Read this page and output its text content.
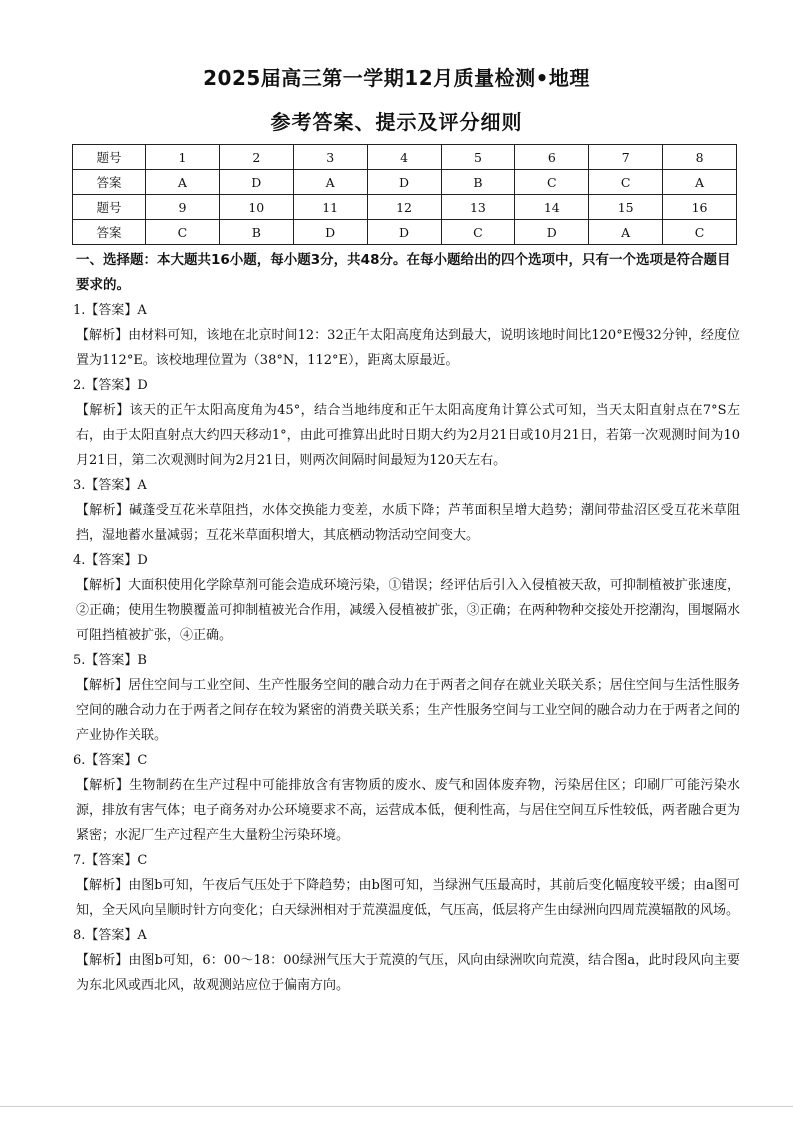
2025届高三第一学期12月质量检测•地理
参考答案、提示及评分细则
题号	1	2	3	4	5	6	7	8
答案	A	D	A	D	B	C	C	A
题号	9	10	11	12	13	14	15	16
答案	C	B	D	D	C	D	A	C
一、选择题：本大题共16小题，每小题3分，共48分。在每小题给出的四个选项中，只有一个选项是符合题目要求的。
1.【答案】A
【解析】由材料可知，该地在北京时间12：32正午太阳高度角达到最大，说明该地时间比120°E慢32分钟，经度位置为112°E。该校地理位置为（38°N，112°E），距离太原最近。
2.【答案】D
【解析】该天的正午太阳高度角为45°，结合当地纬度和正午太阳高度角计算公式可知，当天太阳直射点在7°S左右，由于太阳直射点大约四天移动1°，由此可推算出此时日期大约为2月21日或10月21日，若第一次观测时间为10月21日，第二次观测时间为2月21日，则两次间隔时间最短为120天左右。
3.【答案】A
【解析】碱蓬受互花米草阻挡，水体交换能力变差，水质下降；芦苇面积呈增大趋势；潮间带盐沼区受互花米草阻挡，湿地蓄水量减弱；互花米草面积增大，其底栖动物活动空间变大。
4.【答案】D
【解析】大面积使用化学除草剂可能会造成环境污染，①错误；经评估后引入入侵植被天敌，可抑制植被扩张速度，②正确；使用生物膜覆盖可抑制植被光合作用，减缓入侵植被扩张，③正确；在两种物种交接处开挖潮沟，围堰隔水可阻挡植被扩张，④正确。
5.【答案】B
【解析】居住空间与工业空间、生产性服务空间的融合动力在于两者之间存在就业关联关系；居住空间与生活性服务空间的融合动力在于两者之间存在较为紧密的消费关联关系；生产性服务空间与工业空间的融合动力在于两者之间的产业协作关联。
6.【答案】C
【解析】生物制药在生产过程中可能排放含有害物质的废水、废气和固体废弃物，污染居住区；印刷厂可能污染水源，排放有害气体；电子商务对办公环境要求不高，运营成本低，便利性高，与居住空间互斥性较低，两者融合更为紧密；水泥厂生产过程产生大量粉尘污染环境。
7.【答案】C
【解析】由图b可知，午夜后气压处于下降趋势；由b图可知，当绿洲气压最高时，其前后变化幅度较平缓；由a图可知，全天风向呈顺时针方向变化；白天绿洲相对于荒漠温度低，气压高，低层将产生由绿洲向四周荒漠辐散的风场。
8.【答案】A
【解析】由图b可知，6：00～18：00绿洲气压大于荒漠的气压，风向由绿洲吹向荒漠，结合图a，此时段风向主要为东北风或西北风，故观测站应位于偏南方向。
